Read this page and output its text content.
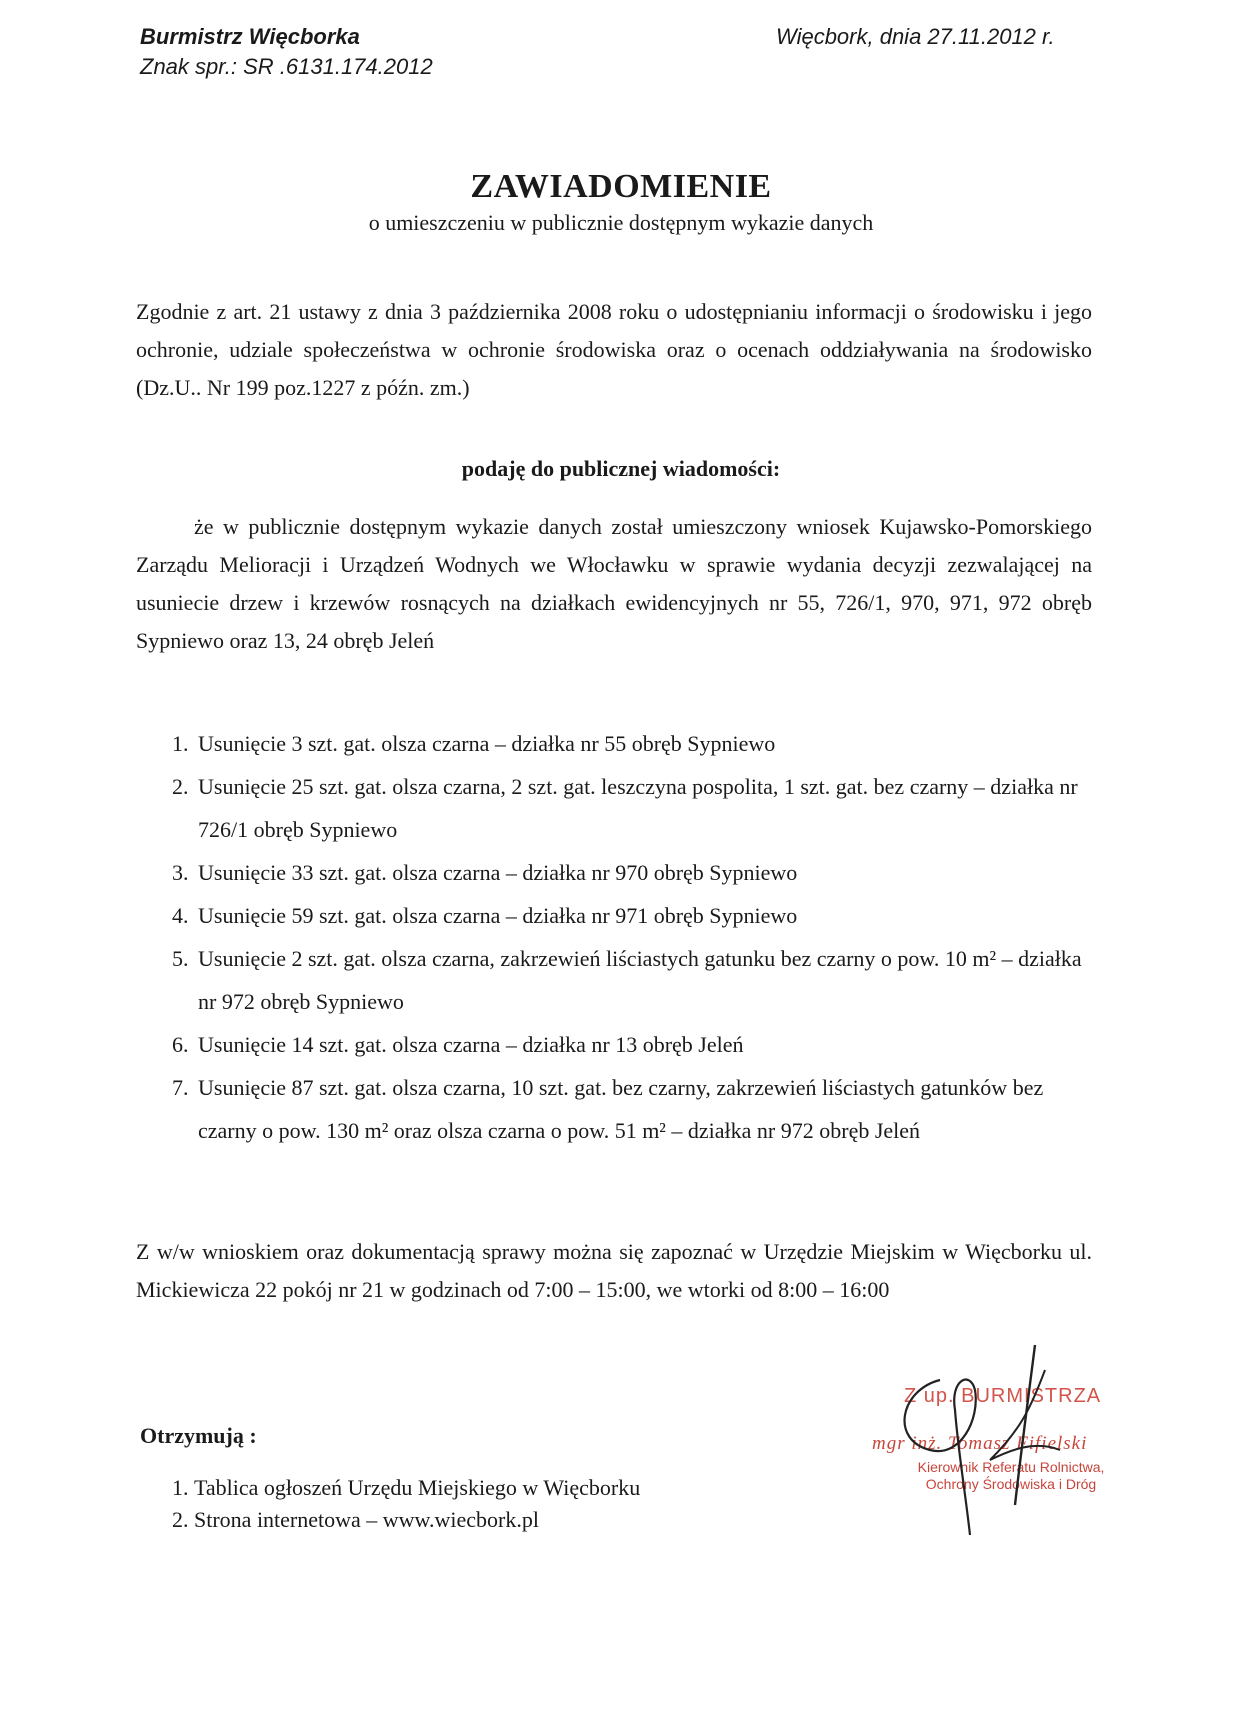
Burmistrz Więcborka
Znak spr.: SR .6131.174.2012
Więcbork, dnia 27.11.2012 r.
ZAWIADOMIENIE
o umieszczeniu w publicznie dostępnym wykazie danych
Zgodnie z art. 21 ustawy z dnia 3 października 2008 roku o udostępnianiu informacji o środowisku i jego ochronie, udziale społeczeństwa w ochronie środowiska oraz o ocenach oddziaływania na środowisko (Dz.U.. Nr 199 poz.1227 z późn. zm.)
podaję do publicznej wiadomości:
że w publicznie dostępnym wykazie danych został umieszczony wniosek Kujawsko-Pomorskiego Zarządu Melioracji i Urządzeń Wodnych we Włocławku w sprawie wydania decyzji zezwalającej na usuniecie drzew i krzewów rosnących na działkach ewidencyjnych nr 55, 726/1, 970, 971, 972 obręb Sypniewo oraz 13, 24 obręb Jeleń
1. Usunięcie 3 szt. gat. olsza czarna – działka nr 55 obręb Sypniewo
2. Usunięcie 25 szt. gat. olsza czarna, 2 szt. gat. leszczyna pospolita, 1 szt. gat. bez czarny – działka nr 726/1 obręb Sypniewo
3. Usunięcie 33 szt. gat. olsza czarna – działka nr 970 obręb Sypniewo
4. Usunięcie 59 szt. gat. olsza czarna – działka nr 971 obręb Sypniewo
5. Usunięcie 2 szt. gat. olsza czarna, zakrzewień liściastych gatunku bez czarny o pow. 10 m² – działka nr 972 obręb Sypniewo
6. Usunięcie 14 szt. gat. olsza czarna – działka nr 13 obręb Jeleń
7. Usunięcie 87 szt. gat. olsza czarna, 10 szt. gat. bez czarny, zakrzewień liściastych gatunków bez czarny o pow. 130 m² oraz olsza czarna o pow. 51 m² – działka nr 972 obręb Jeleń
Z w/w wnioskiem oraz dokumentacją sprawy można się zapoznać w Urzędzie Miejskim w Więcborku ul. Mickiewicza 22 pokój nr 21 w godzinach od 7:00 – 15:00, we wtorki od 8:00 – 16:00
Otrzymują :
1. Tablica ogłoszeń Urzędu Miejskiego w Więcborku
2. Strona internetowa – www.wiecbork.pl
Z up. BURMISTRZA
mgr inż. Tomasz Fifielski
Kierownik Referatu Rolnictwa,
Ochrony Środowiska i Dróg
